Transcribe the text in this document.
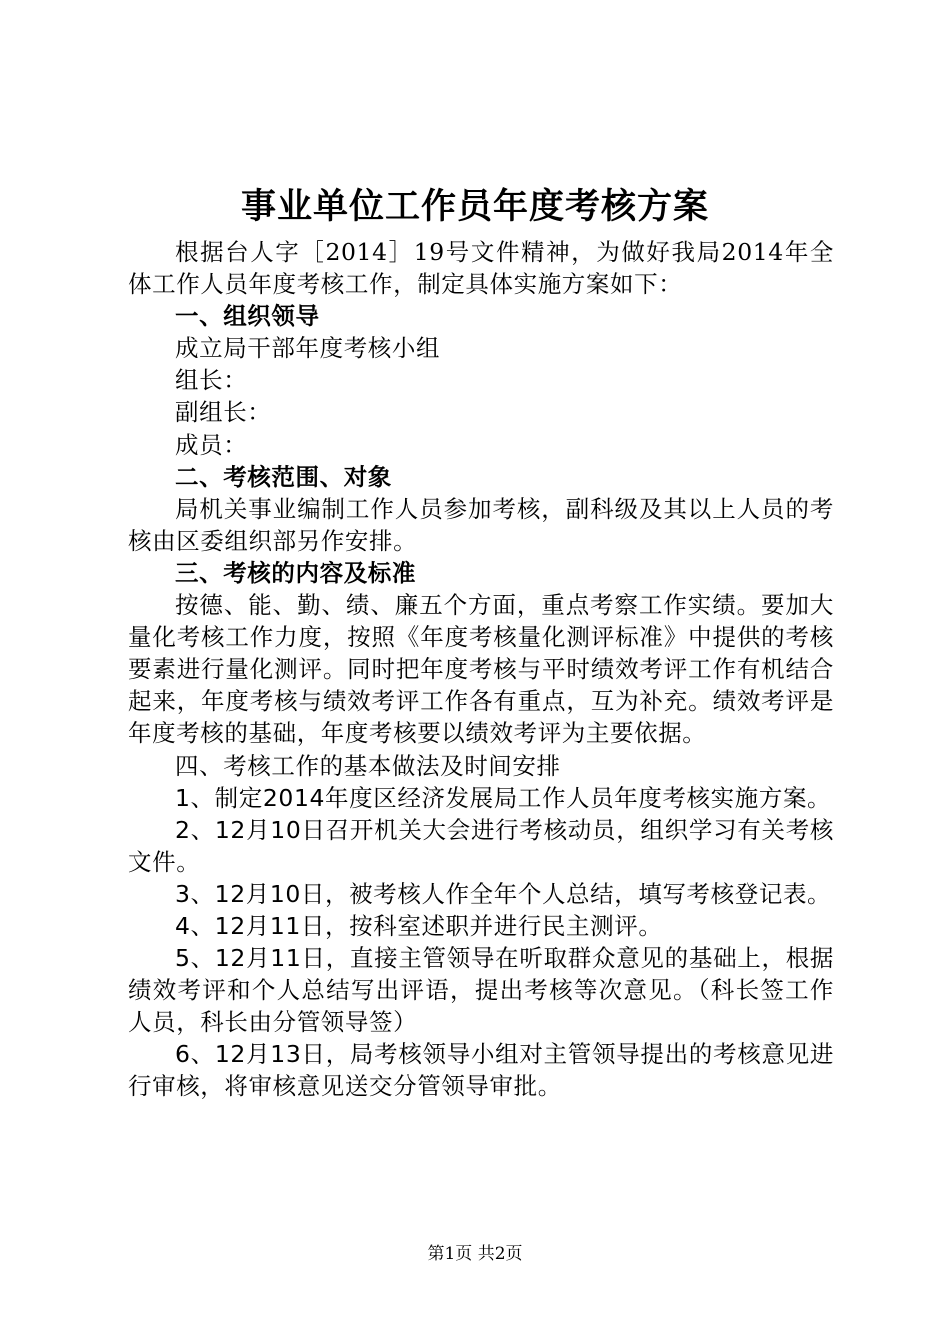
事业单位工作员年度考核方案

根据台人字［2014］19号文件精神，为做好我局2014年全体工作人员年度考核工作，制定具体实施方案如下：

一、组织领导

成立局干部年度考核小组

组长：

副组长：

成员：

二、考核范围、对象

局机关事业编制工作人员参加考核，副科级及其以上人员的考核由区委组织部另作安排。

三、考核的内容及标准

按德、能、勤、绩、廉五个方面，重点考察工作实绩。要加大量化考核工作力度，按照《年度考核量化测评标准》中提供的考核要素进行量化测评。同时把年度考核与平时绩效考评工作有机结合起来，年度考核与绩效考评工作各有重点，互为补充。绩效考评是年度考核的基础，年度考核要以绩效考评为主要依据。

四、考核工作的基本做法及时间安排

1、制定2014年度区经济发展局工作人员年度考核实施方案。

2、12月10日召开机关大会进行考核动员，组织学习有关考核文件。

3、12月10日，被考核人作全年个人总结，填写考核登记表。

4、12月11日，按科室述职并进行民主测评。

5、12月11日，直接主管领导在听取群众意见的基础上，根据绩效考评和个人总结写出评语，提出考核等次意见。（科长签工作人员，科长由分管领导签）

6、12月13日，局考核领导小组对主管领导提出的考核意见进行审核，将审核意见送交分管领导审批。

第1页 共2页
